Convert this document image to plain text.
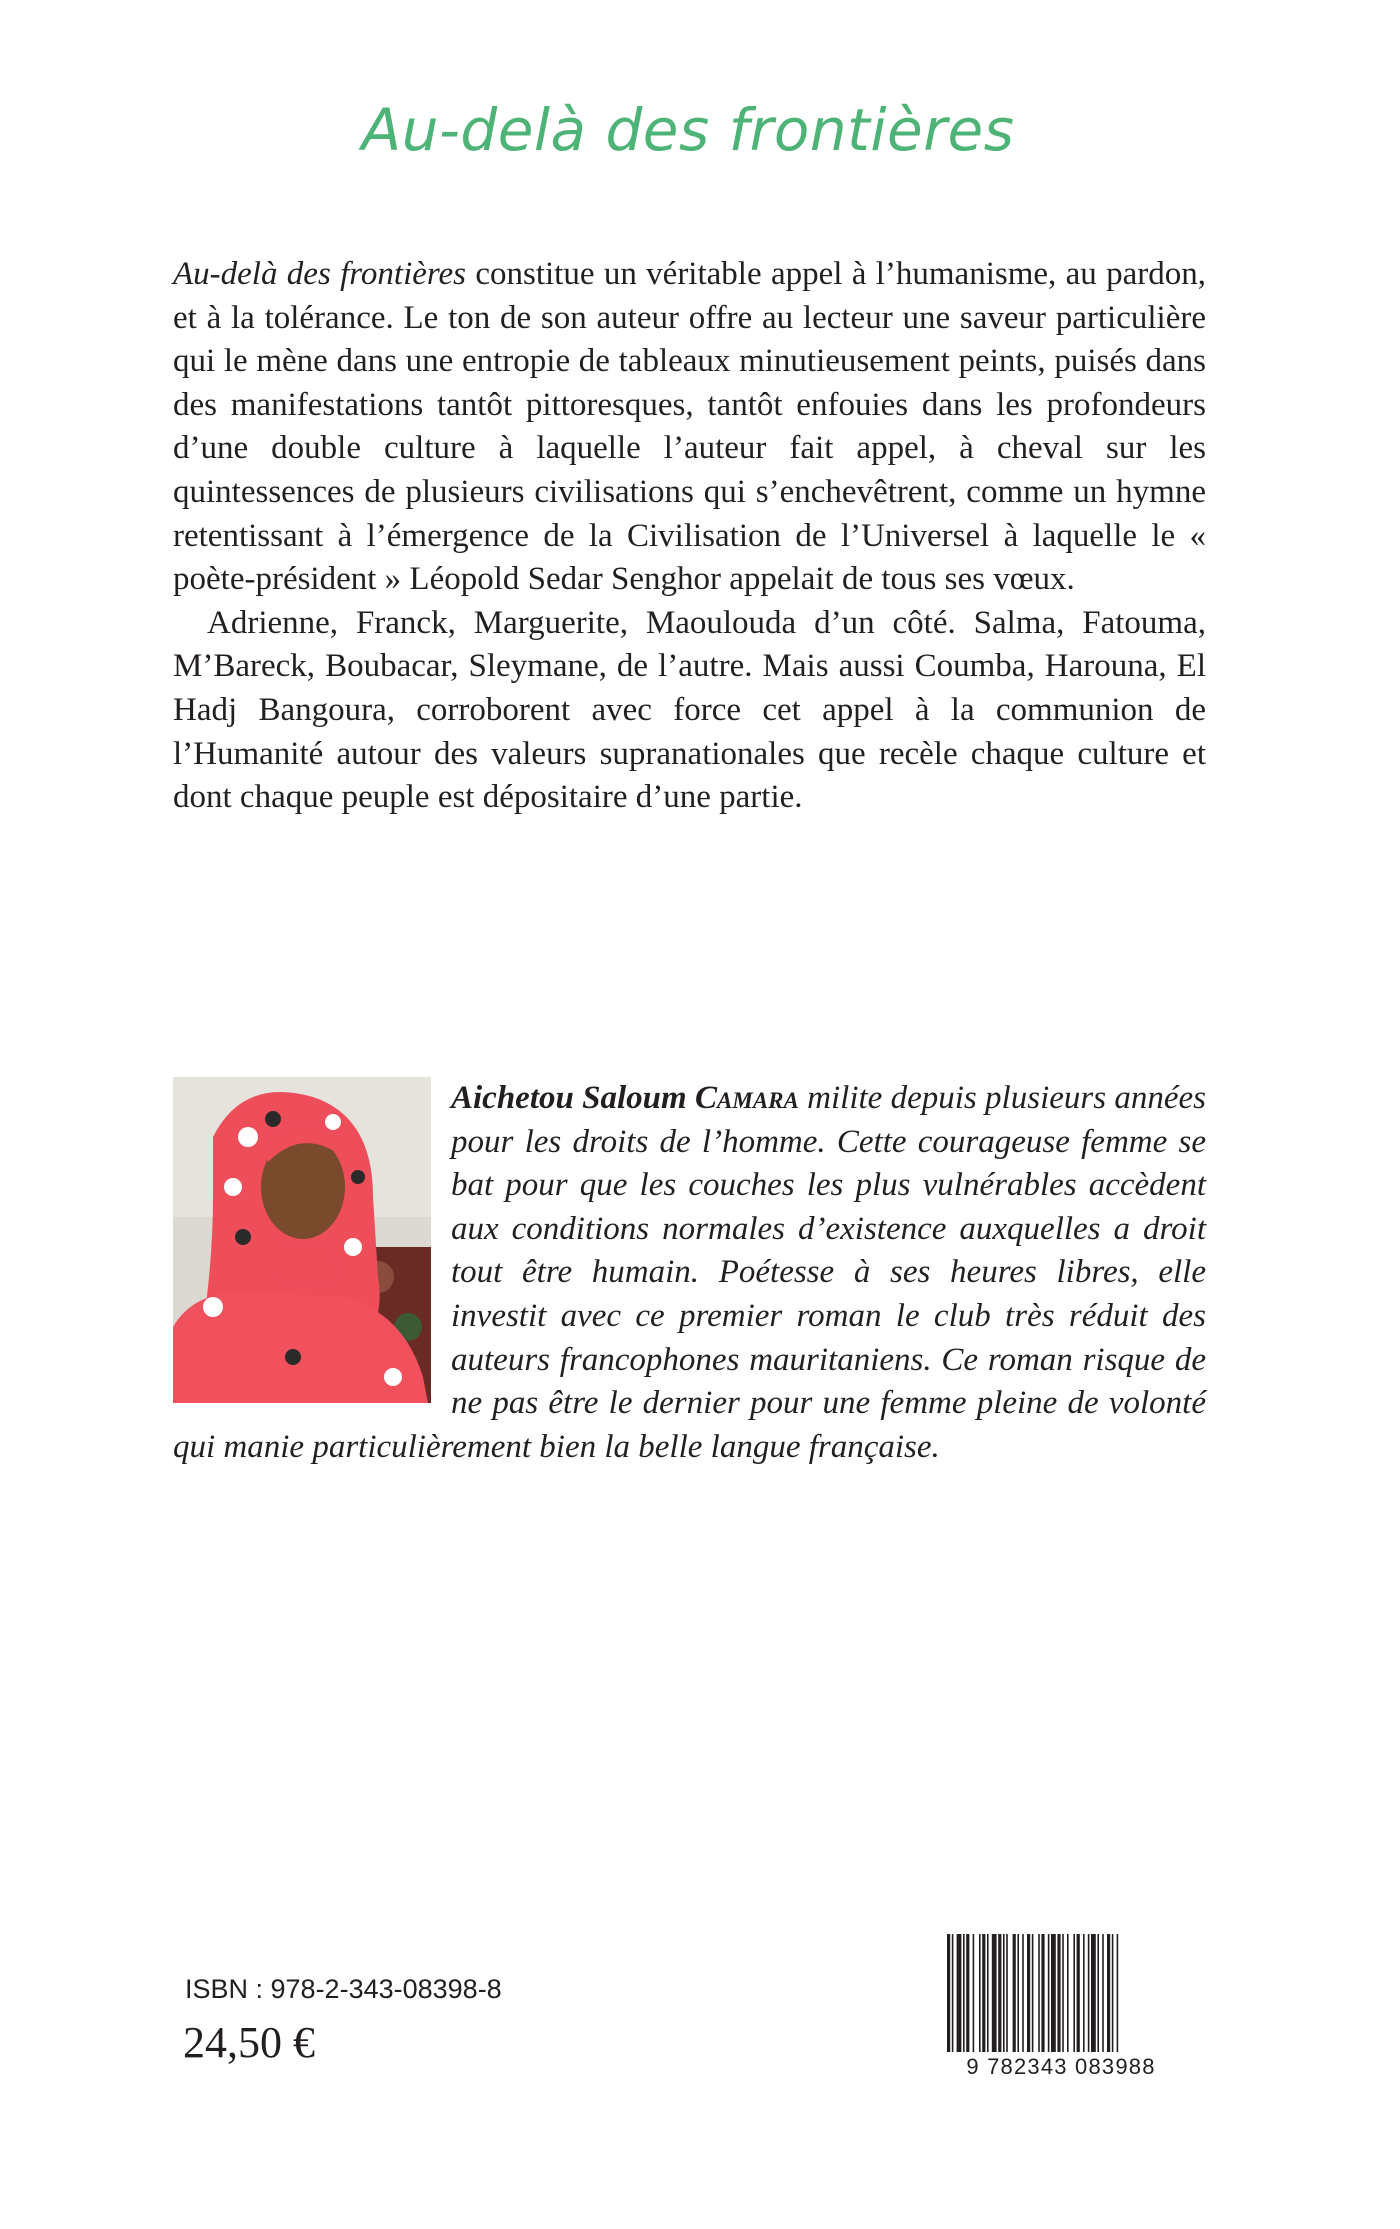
Au-delà des frontières

Au-delà des frontières constitue un véritable appel à l’humanisme, au pardon, et à la tolérance. Le ton de son auteur offre au lecteur une saveur particulière qui le mène dans une entropie de tableaux minutieusement peints, puisés dans des manifestations tantôt pittoresques, tantôt enfouies dans les profondeurs d’une double culture à laquelle l’auteur fait appel, à cheval sur les quintessences de plusieurs civilisations qui s’enchevêtrent, comme un hymne retentissant à l’émergence de la Civilisation de l’Universel à laquelle le « poète-président » Léopold Sedar Senghor appelait de tous ses vœux.

Adrienne, Franck, Marguerite, Maoulouda d’un côté. Salma, Fatouma, M’Bareck, Boubacar, Sleymane, de l’autre. Mais aussi Coumba, Harouna, El Hadj Bangoura, corroborent avec force cet appel à la communion de l’Humanité autour des valeurs supranationales que recèle chaque culture et dont chaque peuple est dépositaire d’une partie.

Aichetou Saloum Camara milite depuis plusieurs années pour les droits de l’homme. Cette courageuse femme se bat pour que les couches les plus vulnérables accèdent aux conditions normales d’existence auxquelles a droit tout être humain. Poétesse à ses heures libres, elle investit avec ce premier roman le club très réduit des auteurs francophones mauritaniens. Ce roman risque de ne pas être le dernier pour une femme pleine de volonté qui manie particulièrement bien la belle langue française.
ISBN : 978-2-343-08398-8
24,50 €	9 782343 083988
